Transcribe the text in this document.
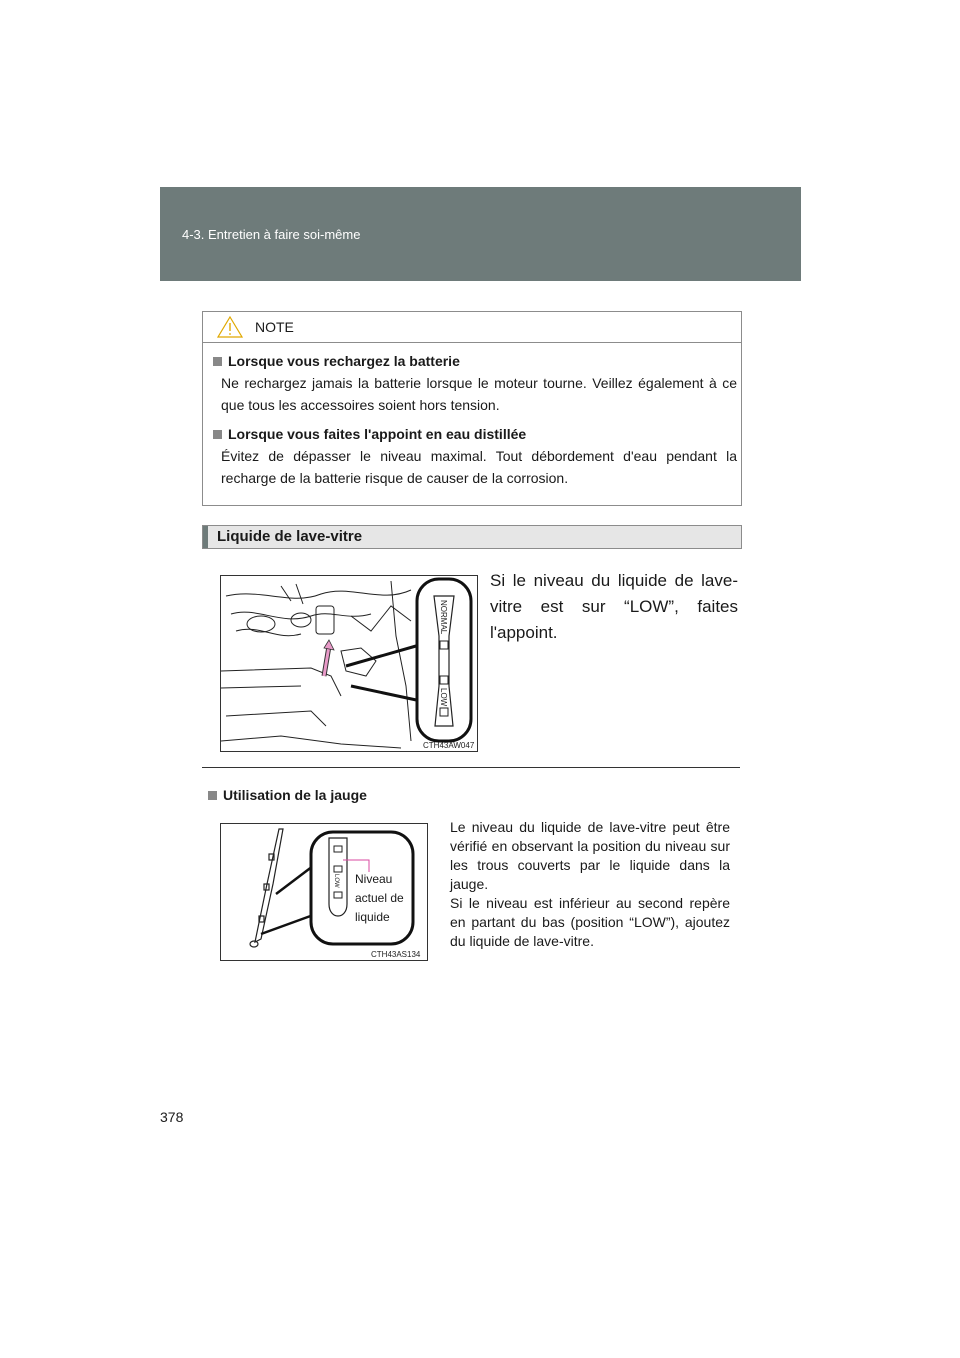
4-3. Entretien à faire soi-même
NOTE
Lorsque vous rechargez la batterie
Ne rechargez jamais la batterie lorsque le moteur tourne. Veillez également à ce que tous les accessoires soient hors tension.
Lorsque vous faites l'appoint en eau distillée
Évitez de dépasser le niveau maximal. Tout débordement d'eau pendant la recharge de la batterie risque de causer de la corrosion.
Liquide de lave-vitre
NORMAL
LOW
CTH43AW047
Si le niveau du liquide de lave-vitre est sur “LOW”, faites l'appoint.
Utilisation de la jauge
LOW
CTH43AS134
Niveau
actuel de
liquide
Le niveau du liquide de lave-vitre peut être vérifié en observant la position du niveau sur les trous couverts par le liquide dans la jauge.
Si le niveau est inférieur au second repère en partant du bas (position “LOW”), ajoutez du liquide de lave-vitre.
378
